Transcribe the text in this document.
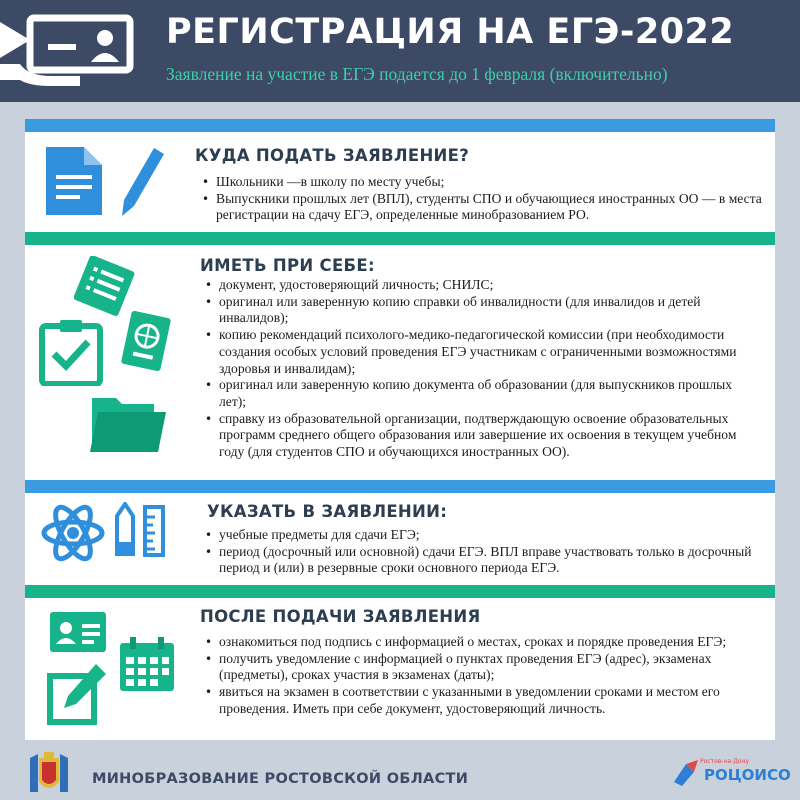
РЕГИСТРАЦИЯ НА ЕГЭ-2022
Заявление на участие в ЕГЭ подается до 1 февраля (включительно)
КУДА ПОДАТЬ ЗАЯВЛЕНИЕ?
• Школьники —в школу по месту учебы;
• Выпускники прошлых лет (ВПЛ), студенты СПО и обучающиеся иностранных ОО — в места регистрации на сдачу ЕГЭ, определенные минобразованием РО.
ИМЕТЬ ПРИ СЕБЕ:
• документ, удостоверяющий личность; СНИЛС;
• оригинал или заверенную копию справки об инвалидности (для инвалидов и детей инвалидов);
• копию рекомендаций психолого-медико-педагогической комиссии (при необходимости создания особых условий проведения ЕГЭ участникам с ограниченными возможностями здоровья и инвалидам);
• оригинал или заверенную копию документа об образовании (для выпускников прошлых лет);
• справку из образовательной организации, подтверждающую освоение образовательных программ среднего общего образования или завершение их освоения в текущем учебном году (для студентов СПО и обучающихся иностранных ОО).
УКАЗАТЬ В ЗАЯВЛЕНИИ:
• учебные предметы для сдачи ЕГЭ;
• период (досрочный или основной) сдачи ЕГЭ. ВПЛ вправе участвовать только в досрочный период и (или) в резервные сроки основного периода ЕГЭ.
ПОСЛЕ ПОДАЧИ ЗАЯВЛЕНИЯ
• ознакомиться под подпись с информацией о местах, сроках и порядке проведения ЕГЭ;
• получить уведомление с информацией о пунктах проведения ЕГЭ (адрес), экзаменах (предметы), сроках участия в экзаменах (даты);
• явиться на экзамен в соответствии с указанными в уведомлении сроками и местом его проведения. Иметь при себе документ, удостоверяющий личность.
МИНОБРАЗОВАНИЕ РОСТОВСКОЙ ОБЛАСТИ
Ростов-на-Дону
РОЦОИСО
